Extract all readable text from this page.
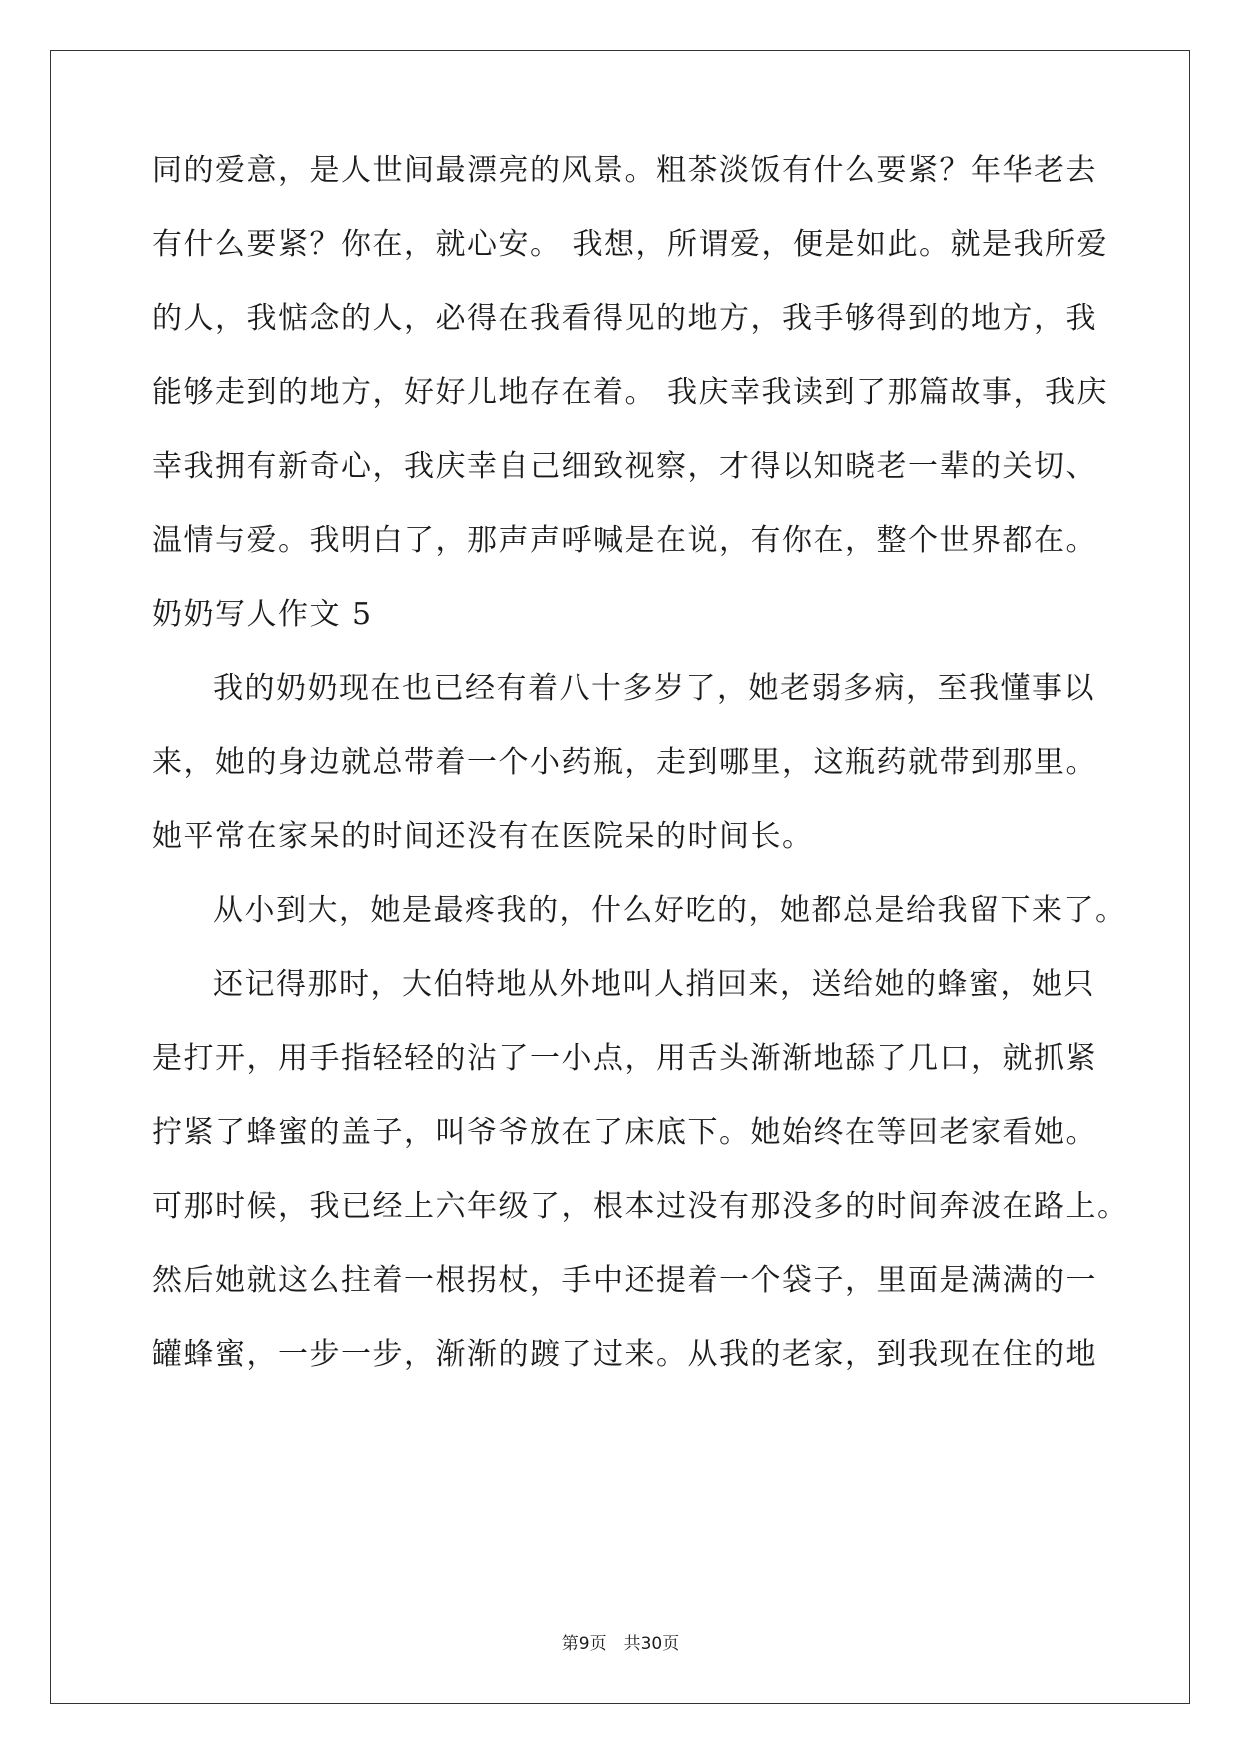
同的爱意，是人世间最漂亮的风景。粗茶淡饭有什么要紧？年华老去
有什么要紧？你在，就心安。 我想，所谓爱，便是如此。就是我所爱
的人，我惦念的人，必得在我看得见的地方，我手够得到的地方，我
能够走到的地方，好好儿地存在着。 我庆幸我读到了那篇故事，我庆
幸我拥有新奇心，我庆幸自己细致视察，才得以知晓老一辈的关切、
温情与爱。我明白了，那声声呼喊是在说，有你在，整个世界都在。
奶奶写人作文 5
我的奶奶现在也已经有着八十多岁了，她老弱多病，至我懂事以
来，她的身边就总带着一个小药瓶，走到哪里，这瓶药就带到那里。
她平常在家呆的时间还没有在医院呆的时间长。
从小到大，她是最疼我的，什么好吃的，她都总是给我留下来了。
还记得那时，大伯特地从外地叫人捎回来，送给她的蜂蜜，她只
是打开，用手指轻轻的沾了一小点，用舌头渐渐地舔了几口，就抓紧
拧紧了蜂蜜的盖子，叫爷爷放在了床底下。她始终在等回老家看她。
可那时候，我已经上六年级了，根本过没有那没多的时间奔波在路上。
然后她就这么拄着一根拐杖，手中还提着一个袋子，里面是满满的一
罐蜂蜜，一步一步，渐渐的踱了过来。从我的老家，到我现在住的地
第9页　共30页
